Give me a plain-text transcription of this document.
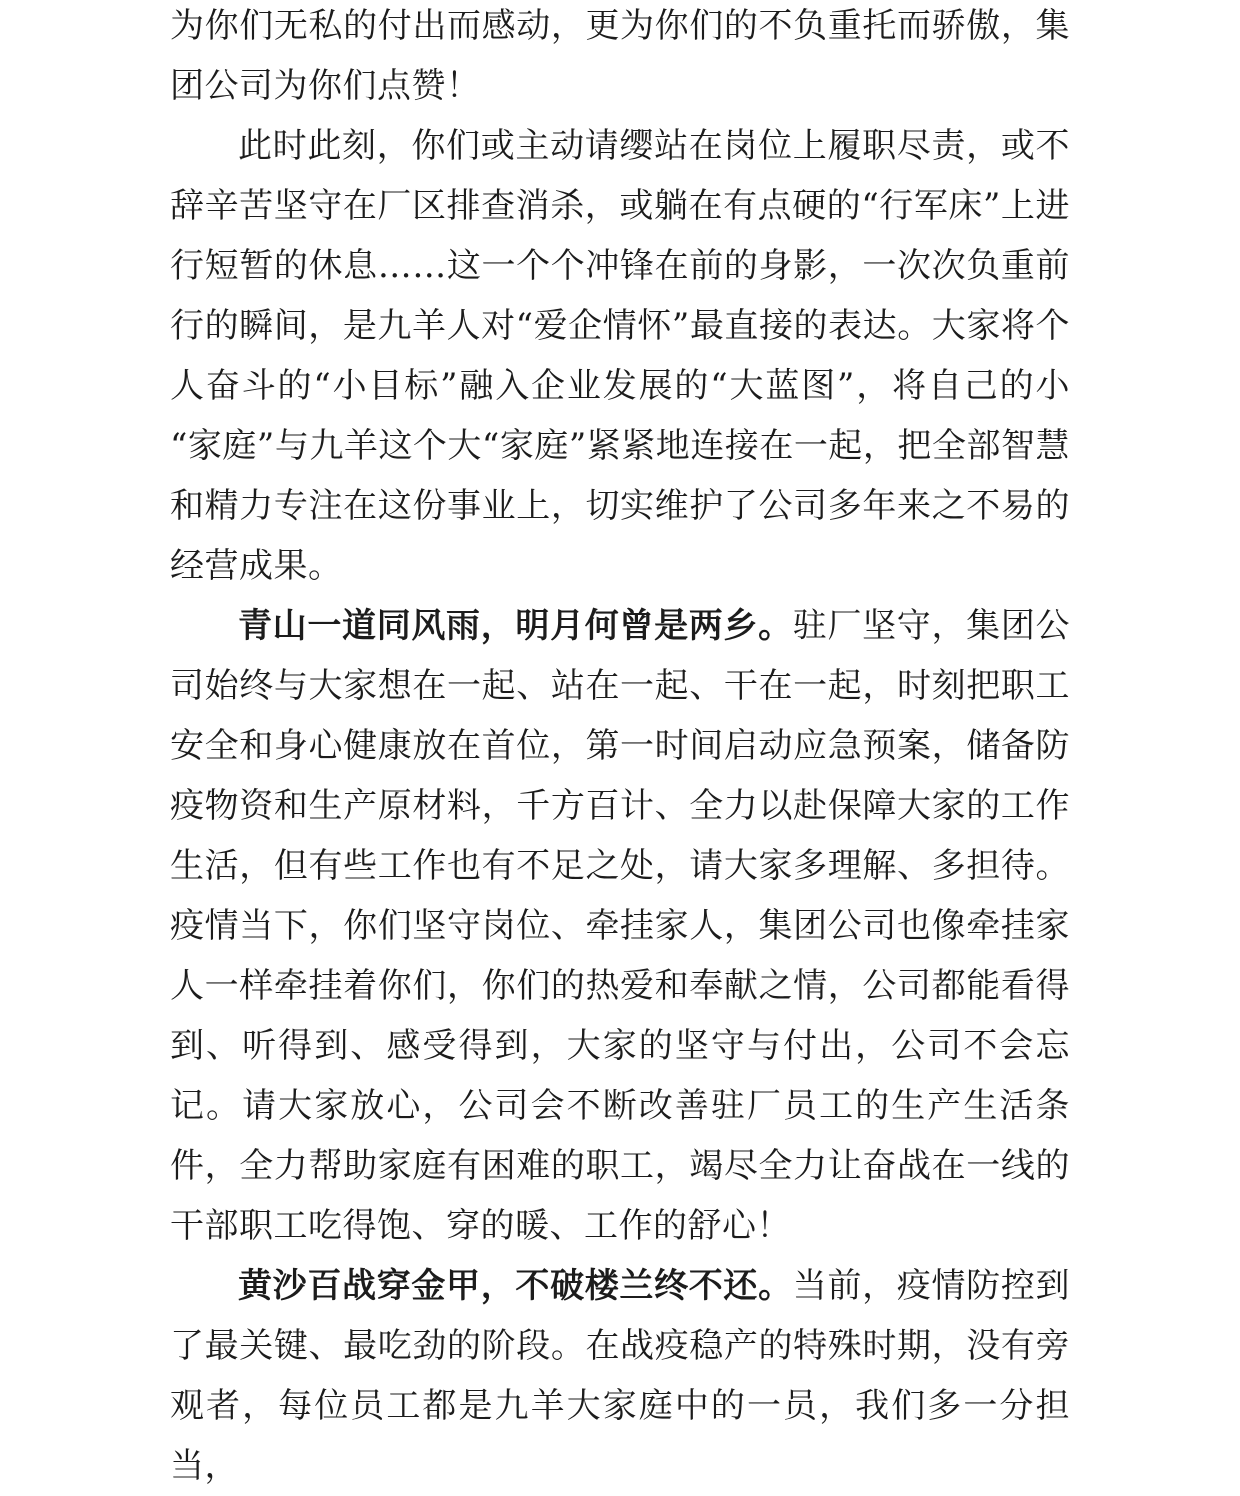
为你们无私的付出而感动，更为你们的不负重托而骄傲，集团公司为你们点赞！

此时此刻，你们或主动请缨站在岗位上履职尽责，或不辞辛苦坚守在厂区排查消杀，或躺在有点硬的“行军床”上进行短暂的休息……这一个个冲锋在前的身影，一次次负重前行的瞬间，是九羊人对“爱企情怀”最直接的表达。大家将个人奋斗的“小目标”融入企业发展的“大蓝图”，将自己的小“家庭”与九羊这个大“家庭”紧紧地连接在一起，把全部智慧和精力专注在这份事业上，切实维护了公司多年来之不易的经营成果。

青山一道同风雨，明月何曾是两乡。驻厂坚守，集团公司始终与大家想在一起、站在一起、干在一起，时刻把职工安全和身心健康放在首位，第一时间启动应急预案，储备防疫物资和生产原材料，千方百计、全力以赴保障大家的工作生活，但有些工作也有不足之处，请大家多理解、多担待。疫情当下，你们坚守岗位、牵挂家人，集团公司也像牵挂家人一样牵挂着你们，你们的热爱和奉献之情，公司都能看得到、听得到、感受得到，大家的坚守与付出，公司不会忘记。请大家放心，公司会不断改善驻厂员工的生产生活条件，全力帮助家庭有困难的职工，竭尽全力让奋战在一线的干部职工吃得饱、穿的暖、工作的舒心！

黄沙百战穿金甲，不破楼兰终不还。当前，疫情防控到了最关键、最吃劲的阶段。在战疫稳产的特殊时期，没有旁观者，每位员工都是九羊大家庭中的一员，我们多一分担当，
